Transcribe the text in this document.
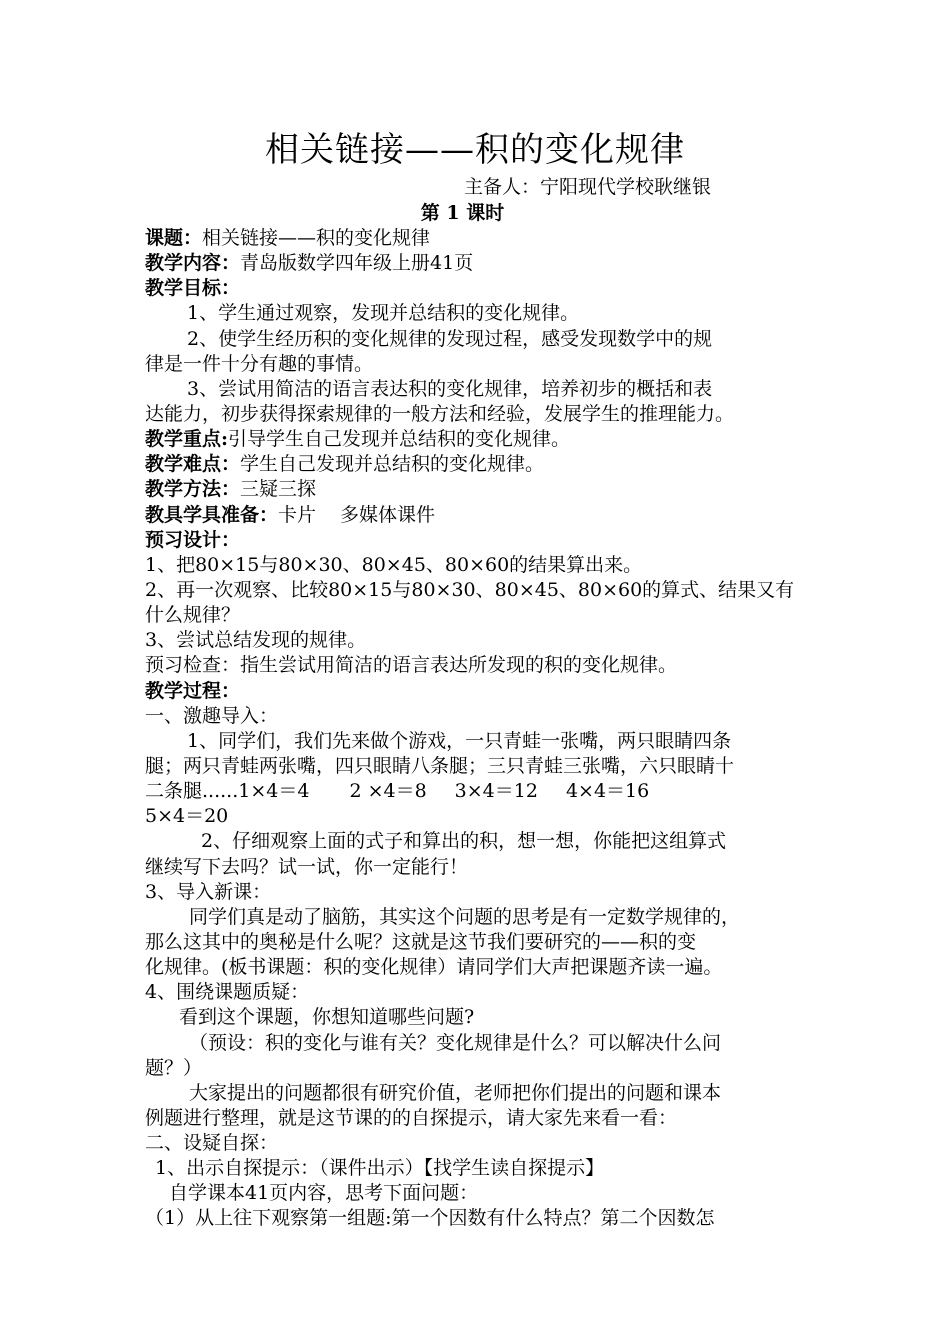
相关链接——积的变化规律
主备人：宁阳现代学校耿继银
第 1 课时
课题：相关链接——积的变化规律
教学内容：青岛版数学四年级上册41页
教学目标：
1、学生通过观察，发现并总结积的变化规律。
2、使学生经历积的变化规律的发现过程，感受发现数学中的规
律是一件十分有趣的事情。
3、尝试用简洁的语言表达积的变化规律，培养初步的概括和表
达能力，初步获得探索规律的一般方法和经验，发展学生的推理能力。
教学重点:引导学生自己发现并总结积的变化规律。
教学难点：学生自己发现并总结积的变化规律。
教学方法：三疑三探
教具学具准备：卡片 多媒体课件
预习设计：
1、把80×15与80×30、80×45、80×60的结果算出来。
2、再一次观察、比较80×15与80×30、80×45、80×60的算式、结果又有
什么规律？
3、尝试总结发现的规律。
预习检查：指生尝试用简洁的语言表达所发现的积的变化规律。
教学过程：
一、激趣导入：
1、同学们，我们先来做个游戏，一只青蛙一张嘴，两只眼睛四条
腿；两只青蛙两张嘴，四只眼睛八条腿；三只青蛙三张嘴，六只眼睛十
二条腿......1×4＝4 2 ×4＝8 3×4＝12 4×4＝16
5×4＝20
2、仔细观察上面的式子和算出的积，想一想，你能把这组算式
继续写下去吗？试一试，你一定能行！
3、导入新课：
同学们真是动了脑筋，其实这个问题的思考是有一定数学规律的，
那么这其中的奥秘是什么呢？这就是这节我们要研究的——积的变
化规律。(板书课题：积的变化规律）请同学们大声把课题齐读一遍。
4、围绕课题质疑：
看到这个课题，你想知道哪些问题?
（预设：积的变化与谁有关？变化规律是什么？可以解决什么问
题？）
大家提出的问题都很有研究价值，老师把你们提出的问题和课本
例题进行整理，就是这节课的的自探提示，请大家先来看一看：
二、设疑自探：
1、出示自探提示：（课件出示）【找学生读自探提示】
自学课本41页内容，思考下面问题：
（1）从上往下观察第一组题:第一个因数有什么特点？第二个因数怎
